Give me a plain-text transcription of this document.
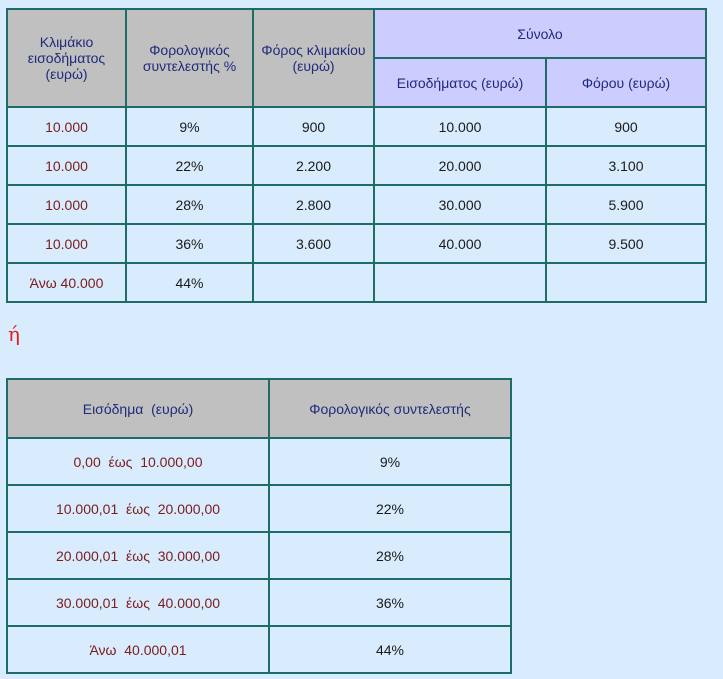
Κλιμάκιο εισοδήματος (ευρώ)	Φορολογικός συντελεστής %	Φόρος κλιμακίου (ευρώ)	Σύνολο	
			Εισοδήματος (ευρώ)	Φόρου (ευρώ)
10.000	9%	900	10.000	900
10.000	22%	2.200	20.000	3.100
10.000	28%	2.800	30.000	5.900
10.000	36%	3.600	40.000	9.500
Άνω 40.000	44%			
ή
Εισόδημα  (ευρώ)	Φορολογικός συντελεστής
0,00  έως  10.000,00	9%
10.000,01  έως  20.000,00	22%
20.000,01  έως  30.000,00	28%
30.000,01  έως  40.000,00	36%
Άνω  40.000,01	44%
